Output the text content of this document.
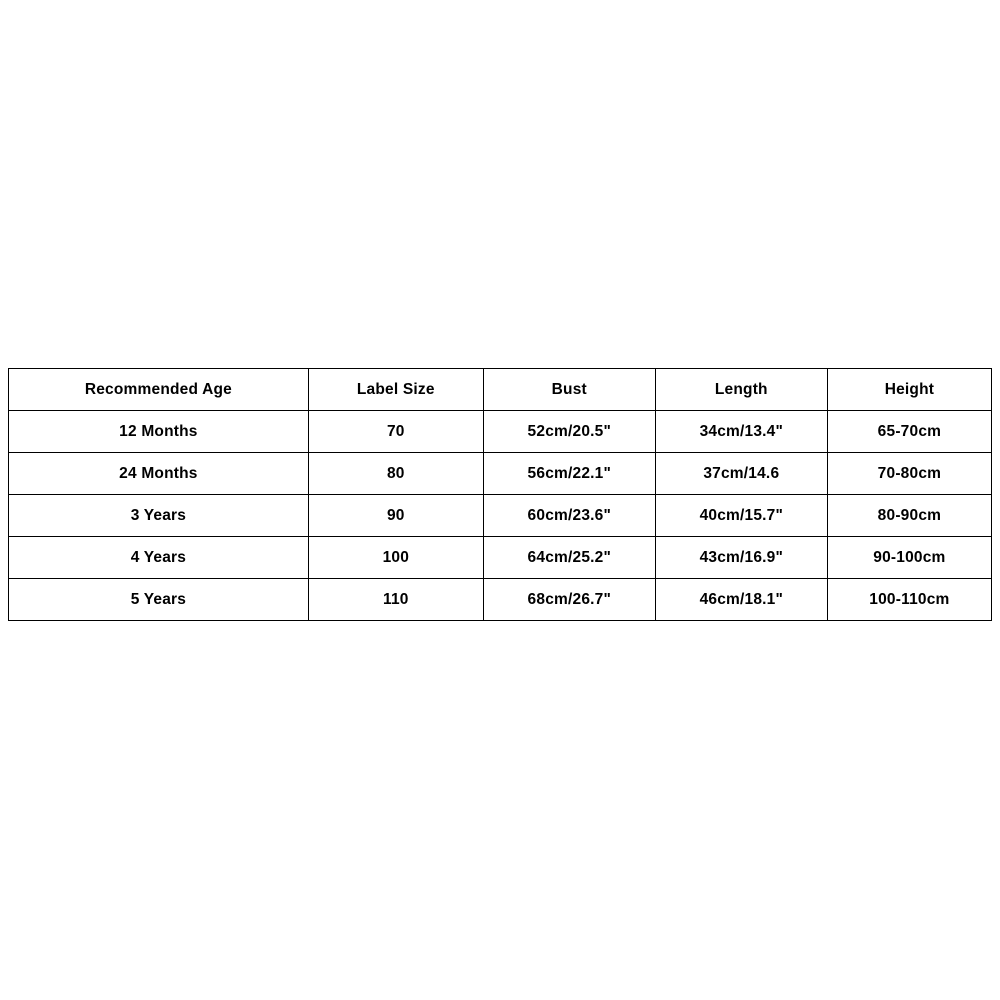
Recommended Age	Label Size	Bust	Length	Height
12 Months	70	52cm/20.5"	34cm/13.4"	65-70cm
24 Months	80	56cm/22.1"	37cm/14.6	70-80cm
3 Years	90	60cm/23.6"	40cm/15.7"	80-90cm
4 Years	100	64cm/25.2"	43cm/16.9"	90-100cm
5 Years	110	68cm/26.7"	46cm/18.1"	100-110cm
